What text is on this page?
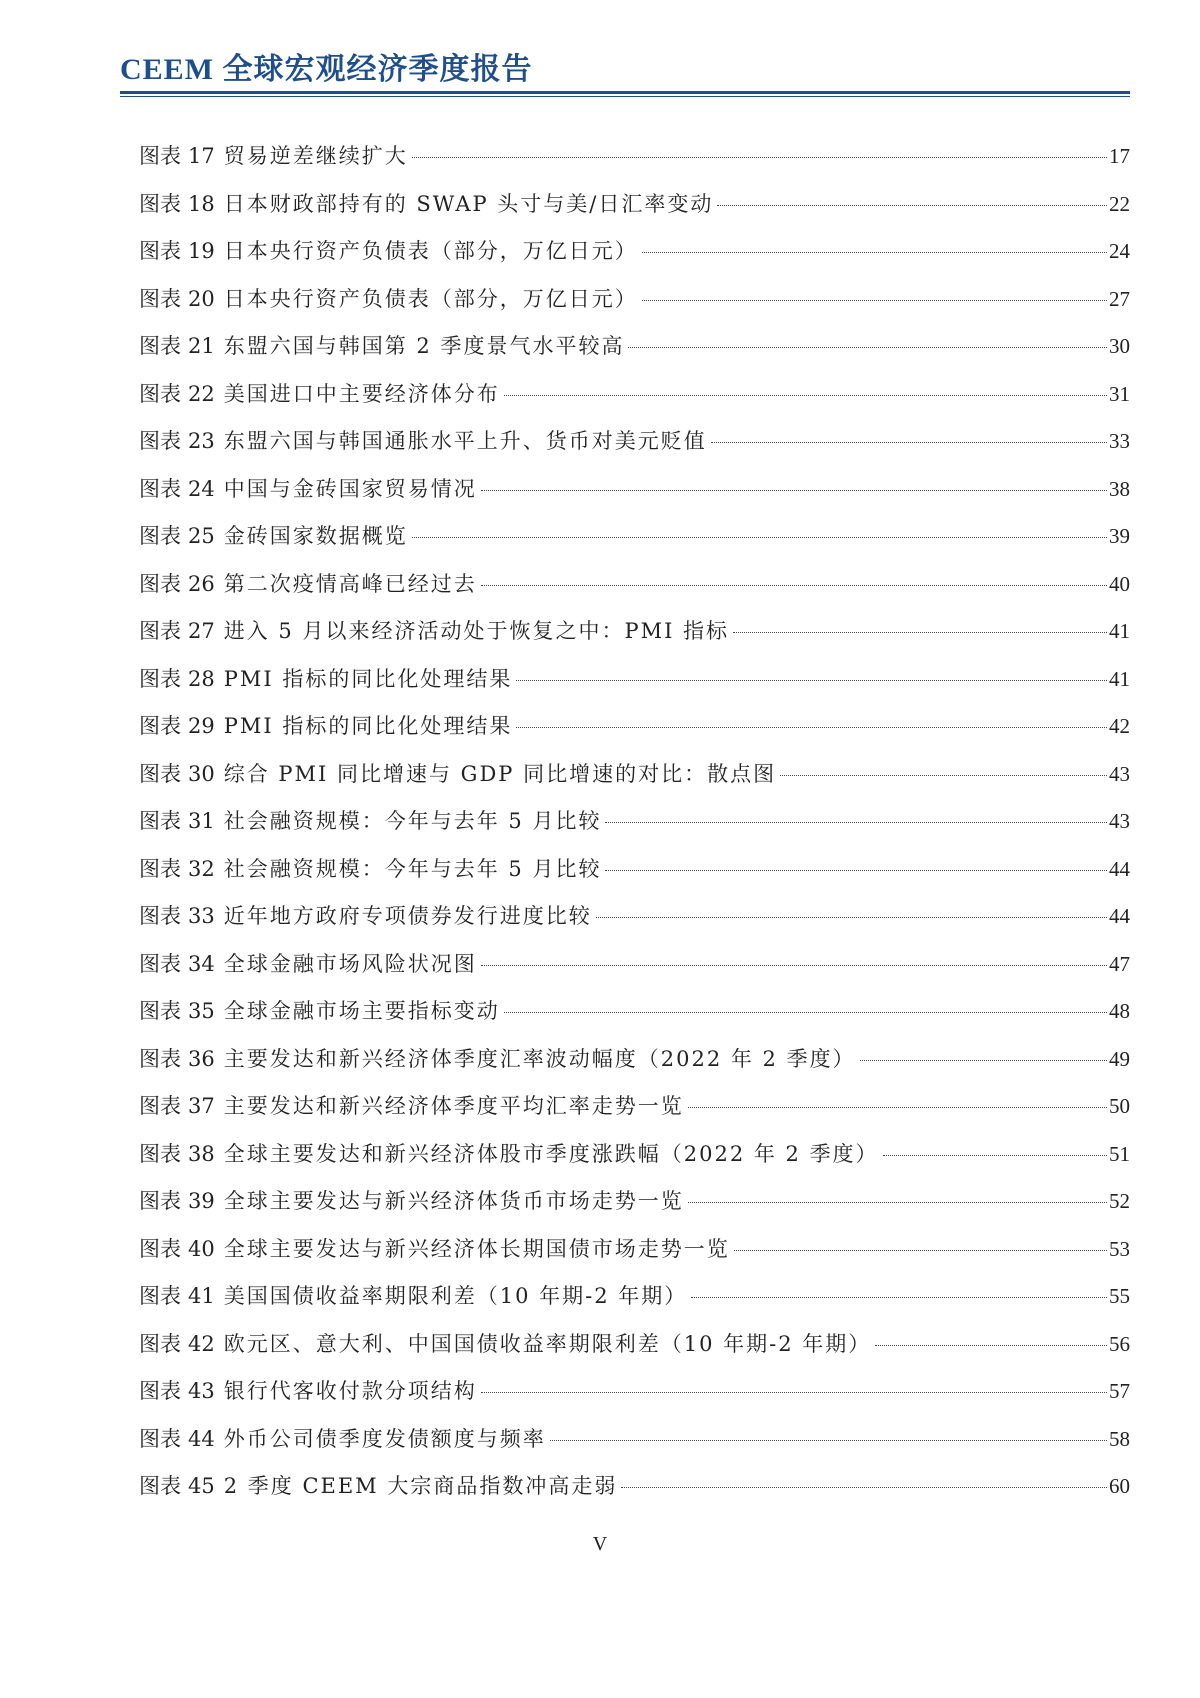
CEEM 全球宏观经济季度报告
图表 17 贸易逆差继续扩大	17
图表 18 日本财政部持有的 SWAP 头寸与美/日汇率变动	22
图表 19 日本央行资产负债表（部分，万亿日元）	24
图表 20 日本央行资产负债表（部分，万亿日元）	27
图表 21 东盟六国与韩国第 2 季度景气水平较高	30
图表 22 美国进口中主要经济体分布	31
图表 23 东盟六国与韩国通胀水平上升、货币对美元贬值	33
图表 24 中国与金砖国家贸易情况	38
图表 25 金砖国家数据概览	39
图表 26 第二次疫情高峰已经过去	40
图表 27 进入 5 月以来经济活动处于恢复之中：PMI 指标	41
图表 28 PMI 指标的同比化处理结果	41
图表 29 PMI 指标的同比化处理结果	42
图表 30 综合 PMI 同比增速与 GDP 同比增速的对比：散点图	43
图表 31 社会融资规模：今年与去年 5 月比较	43
图表 32 社会融资规模：今年与去年 5 月比较	44
图表 33 近年地方政府专项债券发行进度比较	44
图表 34 全球金融市场风险状况图	47
图表 35 全球金融市场主要指标变动	48
图表 36 主要发达和新兴经济体季度汇率波动幅度（2022 年 2 季度）	49
图表 37 主要发达和新兴经济体季度平均汇率走势一览	50
图表 38 全球主要发达和新兴经济体股市季度涨跌幅（2022 年 2 季度）	51
图表 39 全球主要发达与新兴经济体货币市场走势一览	52
图表 40 全球主要发达与新兴经济体长期国债市场走势一览	53
图表 41 美国国债收益率期限利差（10 年期-2 年期）	55
图表 42 欧元区、意大利、中国国债收益率期限利差（10 年期-2 年期）	56
图表 43 银行代客收付款分项结构	57
图表 44 外币公司债季度发债额度与频率	58
图表 45 2 季度 CEEM 大宗商品指数冲高走弱	60
V
